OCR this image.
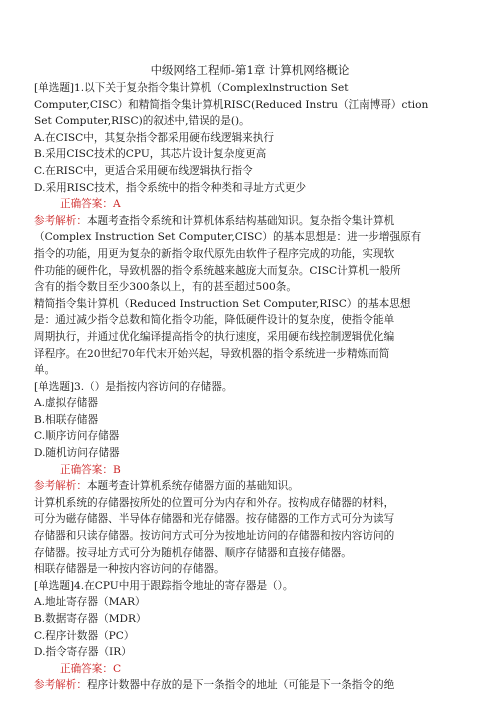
中级网络工程师-第1章 计算机网络概论
[单选题]1.以下关于复杂指令集计算机（Complexlnstruction Set
Computer,CISC）和精简指令集计算机RISC(Reduced Instru（江南博哥）ction
Set Computer,RISC)的叙述中,错误的是()。
A.在CISC中，其复杂指令都采用硬布线逻辑来执行
B.采用CISC技术的CPU，其芯片设计复杂度更高
C.在RISC中，更适合采用硬布线逻辑执行指令
D.采用RISC技术，指令系统中的指令种类和寻址方式更少
正确答案：A
参考解析：本题考查指令系统和计算机体系结构基础知识。复杂指令集计算机
（Complex Instruction Set Computer,CISC）的基本思想是：进一步增强原有
指令的功能，用更为复杂的新指令取代原先由软件子程序完成的功能，实现软
件功能的硬件化，导致机器的指令系统越来越庞大而复杂。CISC计算机一般所
含有的指令数目至少300条以上，有的甚至超过500条。
精简指令集计算机（Reduced Instruction Set Computer,RISC）的基本思想
是：通过减少指令总数和简化指令功能，降低硬件设计的复杂度，使指令能单
周期执行，并通过优化编译提高指令的执行速度，采用硬布线控制逻辑优化编
译程序。在20世纪70年代末开始兴起，导致机器的指令系统进一步精炼而简
单。
[单选题]3.（）是指按内容访问的存储器。
A.虚拟存储器
B.相联存储器
C.顺序访问存储器
D.随机访问存储器
正确答案：B
参考解析：本题考查计算机系统存储器方面的基础知识。
计算机系统的存储器按所处的位置可分为内存和外存。按构成存储器的材料，
可分为磁存储器、半导体存储器和光存储器。按存储器的工作方式可分为读写
存储器和只读存储器。按访问方式可分为按地址访问的存储器和按内容访问的
存储器。按寻址方式可分为随机存储器、顺序存储器和直接存储器。
相联存储器是一种按内容访问的存储器。
[单选题]4.在CPU中用于跟踪指令地址的寄存器是（）。
A.地址寄存器（MAR）
B.数据寄存器（MDR）
C.程序计数器（PC）
D.指令寄存器（IR）
正确答案：C
参考解析：程序计数器中存放的是下一条指令的地址（可能是下一条指令的绝
